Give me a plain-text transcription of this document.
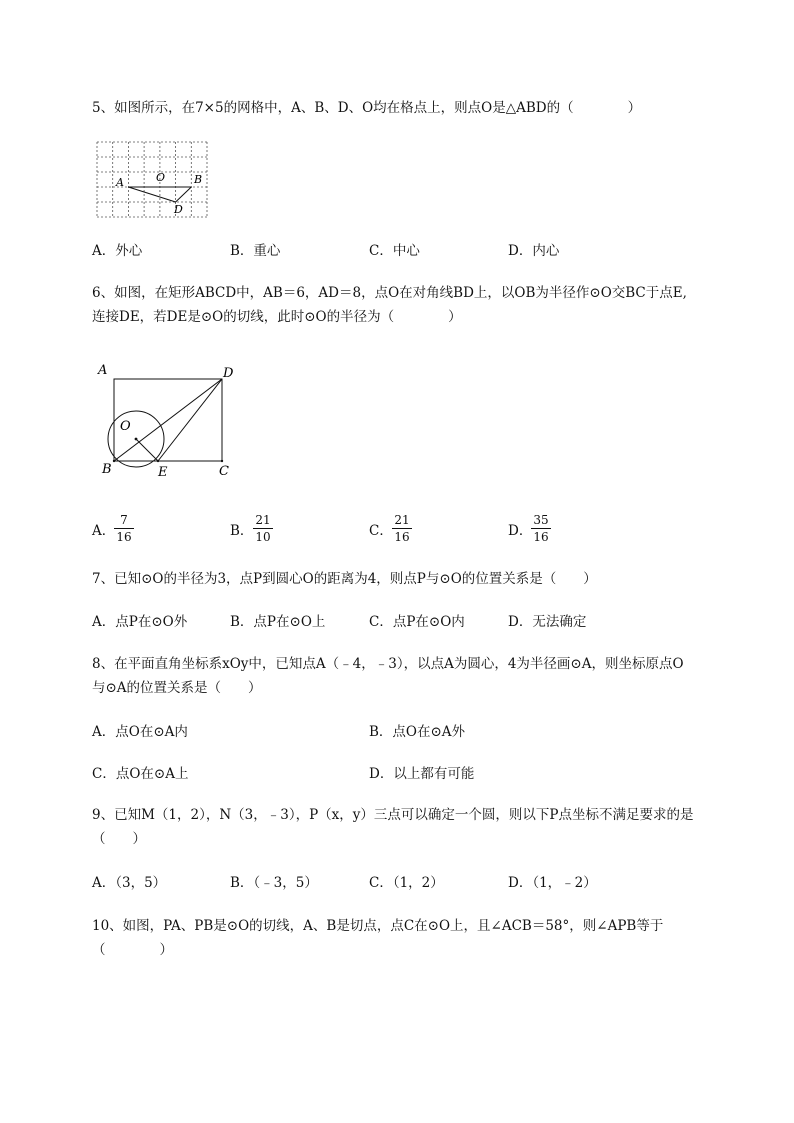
5、如图所示，在7×5的网格中，A、B、D、O均在格点上，则点O是△ABD的（　　　　）
A	O	B
D
A．外心	B．重心	C．中心	D．内心
6、如图，在矩形ABCD中，AB＝6，AD＝8，点O在对角线BD上，以OB为半径作⊙O交BC于点E,
连接DE，若DE是⊙O的切线，此时⊙O的半径为（　　　　）
A	D
O
B	E	C
A．
7
16	B．
21
10	C．
21
16	D．
35
16
7、已知⊙O的半径为3，点P到圆心O的距离为4，则点P与⊙O的位置关系是（　　）
A．点P在⊙O外	B．点P在⊙O上	C．点P在⊙O内	D．无法确定
8、在平面直角坐标系xOy中，已知点A（﹣4，﹣3），以点A为圆心，4为半径画⊙A，则坐标原点O
与⊙A的位置关系是（　　）
A．点O在⊙A内	B．点O在⊙A外
C．点O在⊙A上	D．以上都有可能
9、已知M（1，2），N（3，﹣3），P（x，y）三点可以确定一个圆，则以下P点坐标不满足要求的是
（　　）
A．（3，5）	B．（﹣3，5）	C．（1，2）	D．（1，﹣2）
10、如图，PA、PB是⊙O的切线，A、B是切点，点C在⊙O上，且∠ACB＝58°，则∠APB等于
（　　　　）
